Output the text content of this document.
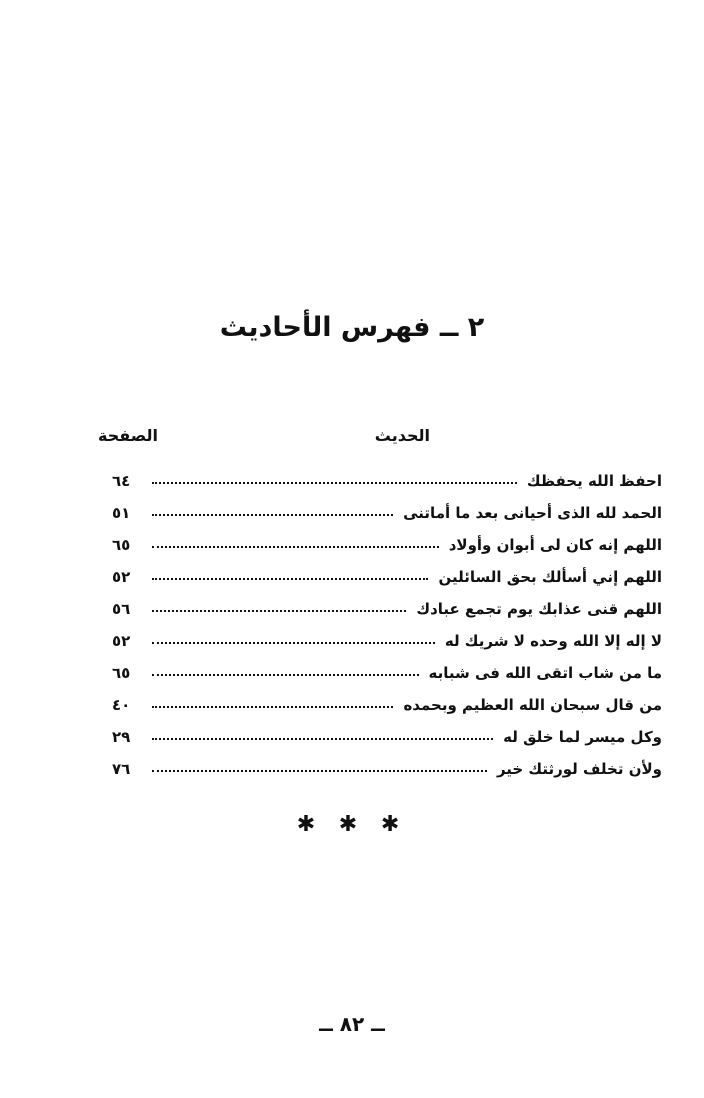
٢ ــ فهرس الأحاديث
الحديث
الصفحة
احفظ الله يحفظك
٦٤
الحمد لله الذى أحيانى بعد ما أماتنى
٥١
اللهم إنه كان لى أبوان وأولاد
٦٥
اللهم إني أسألك بحق السائلين
٥٢
اللهم قنى عذابك يوم تجمع عبادك
٥٦
لا إله إلا الله وحده لا شريك له
٥٢
ما من شاب اتقى الله فى شبابه
٦٥
من قال سبحان الله العظيم وبحمده
٤٠
وكل ميسر لما خلق له
٢٩
ولأن تخلف لورثتك خير
٧٦
✱ ✱ ✱
ــ ٨٢ ــ
